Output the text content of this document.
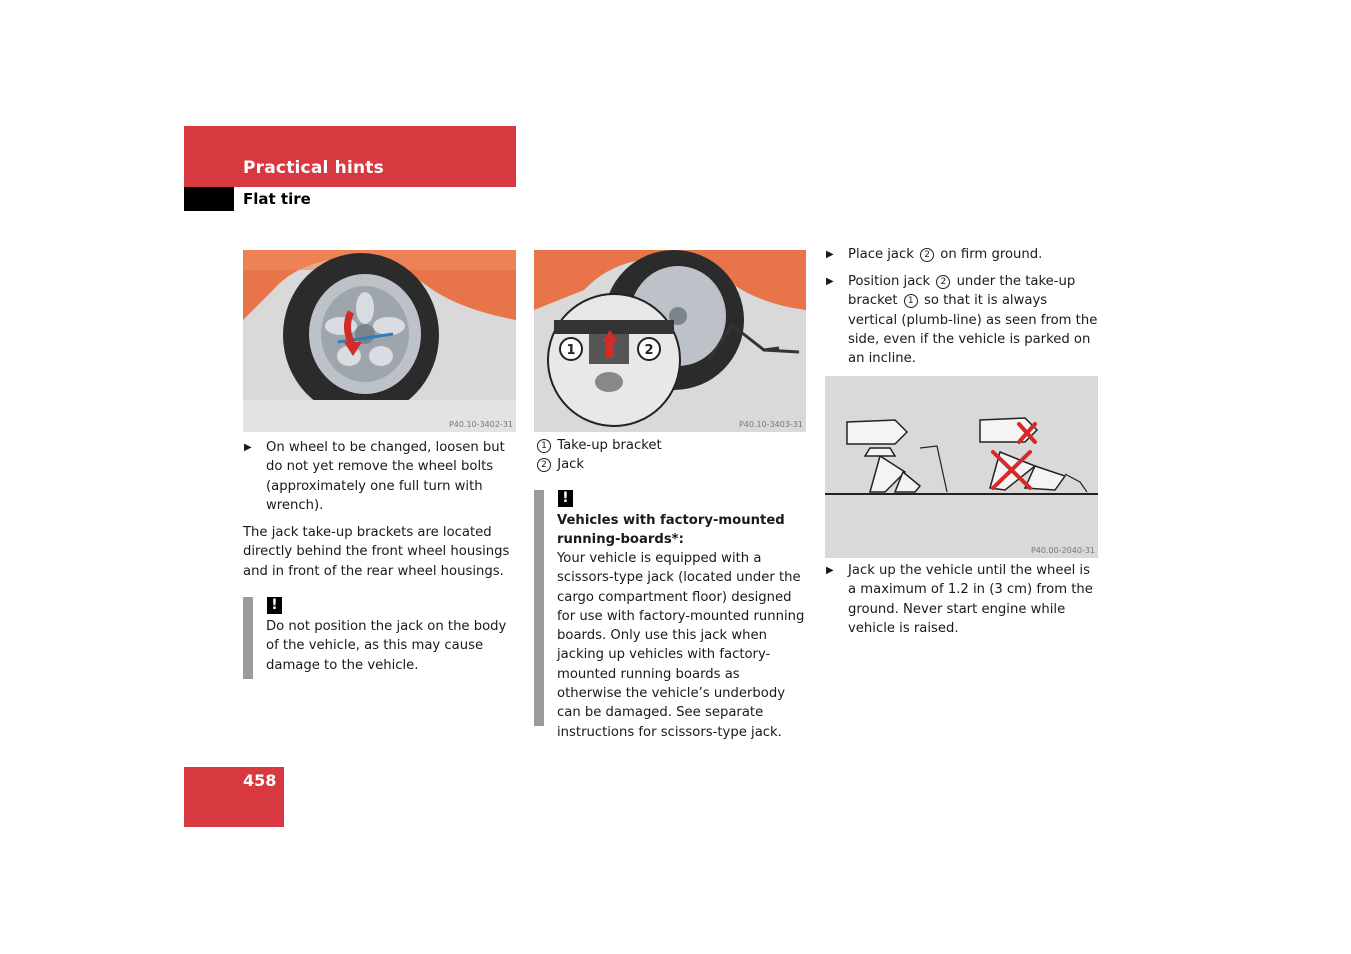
Practical hints
Flat tire
P40.10-3402-31
1	2
P40.10-3403-31
P40.00-2040-31
▶ On wheel to be changed, loosen but do not yet remove the wheel bolts (approximately one full turn with wrench).
The jack take-up brackets are located directly behind the front wheel housings and in front of the rear wheel housings.
!
Do not position the jack on the body of the vehicle, as this may cause damage to the vehicle.
1 Take-up bracket
2 Jack
!
Vehicles with factory-mounted running-boards*:
Your vehicle is equipped with a scissors-type jack (located under the cargo compartment floor) designed for use with factory-mounted running boards. Only use this jack when jacking up vehicles with factory-mounted running boards as otherwise the vehicle’s underbody can be damaged. See separate instructions for scissors-type jack.
▶ Place jack 2 on firm ground.
▶ Position jack 2 under the take-up bracket 1 so that it is always vertical (plumb-line) as seen from the side, even if the vehicle is parked on an incline.
▶ Jack up the vehicle until the wheel is a maximum of 1.2 in (3 cm) from the ground. Never start engine while vehicle is raised.
458
